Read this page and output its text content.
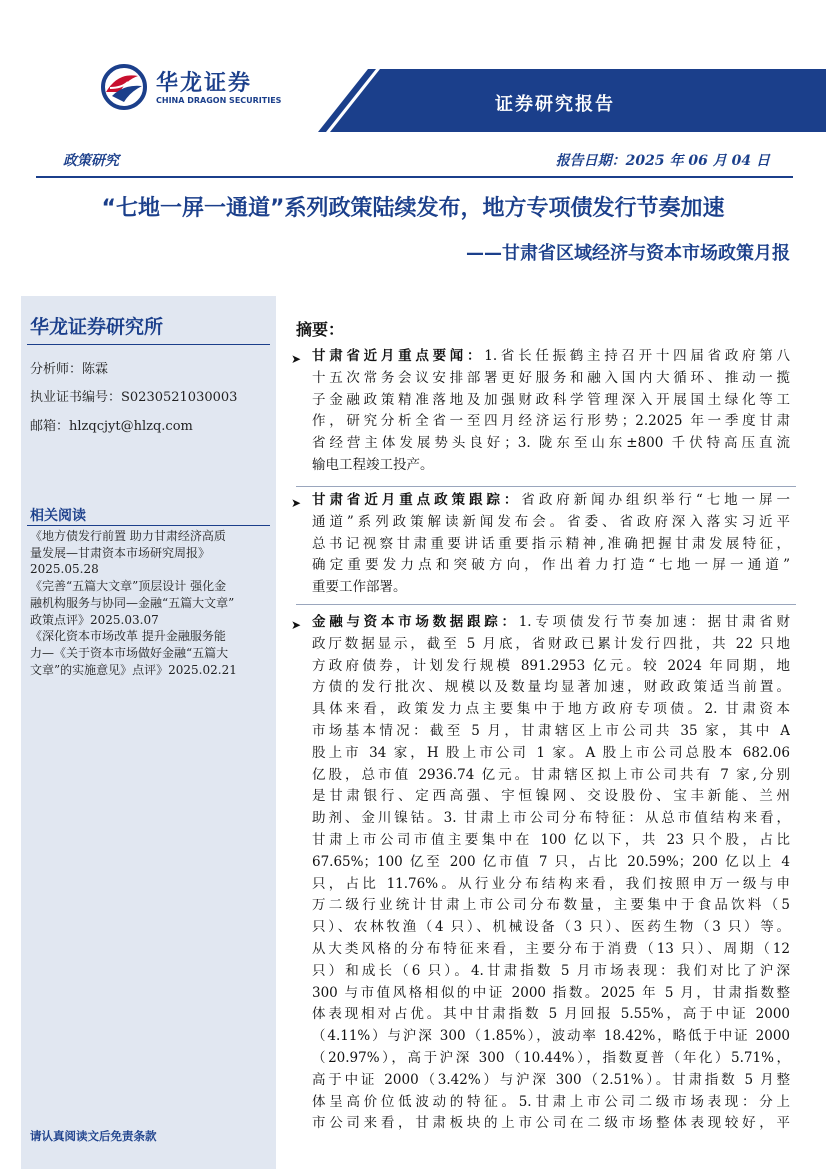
华龙证券
CHINA DRAGON SECURITIES	证券研究报告
政策研究	报告日期：2025 年 06 月 04 日
“七地一屏一通道”系列政策陆续发布，地方专项债发行节奏加速
——甘肃省区域经济与资本市场政策月报
华龙证券研究所
分析师：陈霖
执业证书编号：S0230521030003
邮箱：hlzqcjyt@hlzq.com
相关阅读
《地方债发行前置 助力甘肃经济高质
量发展—甘肃资本市场研究周报》
2025.05.28
《完善“五篇大文章”顶层设计 强化金
融机构服务与协同—金融“五篇大文章”
政策点评》2025.03.07
《深化资本市场改革 提升金融服务能
力—《关于资本市场做好金融“五篇大
文章”的实施意见》点评》2025.02.21
请认真阅读文后免责条款
摘要：
➤ 甘肃省近月重点要闻：1.省长任振鹤主持召开十四届省政府第八
十五次常务会议安排部署更好服务和融入国内大循环、推动一揽
子金融政策精准落地及加强财政科学管理深入开展国土绿化等工
作，研究分析全省一至四月经济运行形势；2.2025 年一季度甘肃
省经营主体发展势头良好；3. 陇东至山东±800 千伏特高压直流
输电工程竣工投产。
➤ 甘肃省近月重点政策跟踪：省政府新闻办组织举行“七地一屏一
通道”系列政策解读新闻发布会。省委、省政府深入落实习近平
总书记视察甘肃重要讲话重要指示精神,准确把握甘肃发展特征，
确定重要发力点和突破方向，作出着力打造“七地一屏一通道”
重要工作部署。
➤ 金融与资本市场数据跟踪：1.专项债发行节奏加速：据甘肃省财
政厅数据显示，截至 5 月底，省财政已累计发行四批，共 22 只地
方政府债券，计划发行规模 891.2953 亿元。较 2024 年同期，地
方债的发行批次、规模以及数量均显著加速，财政政策适当前置。
具体来看，政策发力点主要集中于地方政府专项债。2. 甘肃资本
市场基本情况：截至 5 月，甘肃辖区上市公司共 35 家，其中 A
股上市 34 家，H 股上市公司 1 家。A 股上市公司总股本 682.06
亿股，总市值 2936.74 亿元。甘肃辖区拟上市公司共有 7 家,分别
是甘肃银行、定西高强、宇恒镍网、交设股份、宝丰新能、兰州
助剂、金川镍钴。3. 甘肃上市公司分布特征：从总市值结构来看，
甘肃上市公司市值主要集中在 100 亿以下，共 23 只个股，占比
67.65%；100 亿至 200 亿市值 7 只，占比 20.59%；200 亿以上 4
只，占比 11.76%。从行业分布结构来看，我们按照申万一级与申
万二级行业统计甘肃上市公司分布数量，主要集中于食品饮料（5
只）、农林牧渔（4 只）、机械设备（3 只）、医药生物（3 只）等。
从大类风格的分布特征来看，主要分布于消费（13 只）、周期（12
只）和成长（6 只）。4.甘肃指数 5 月市场表现：我们对比了沪深
300 与市值风格相似的中证 2000 指数。2025 年 5 月，甘肃指数整
体表现相对占优。其中甘肃指数 5 月回报 5.55%，高于中证 2000
（4.11%）与沪深 300（1.85%），波动率 18.42%，略低于中证 2000
（20.97%），高于沪深 300（10.44%），指数夏普（年化）5.71%，
高于中证 2000（3.42%）与沪深 300（2.51%）。甘肃指数 5 月整
体呈高价位低波动的特征。5.甘肃上市公司二级市场表现：分上
市公司来看，甘肃板块的上市公司在二级市场整体表现较好，平
